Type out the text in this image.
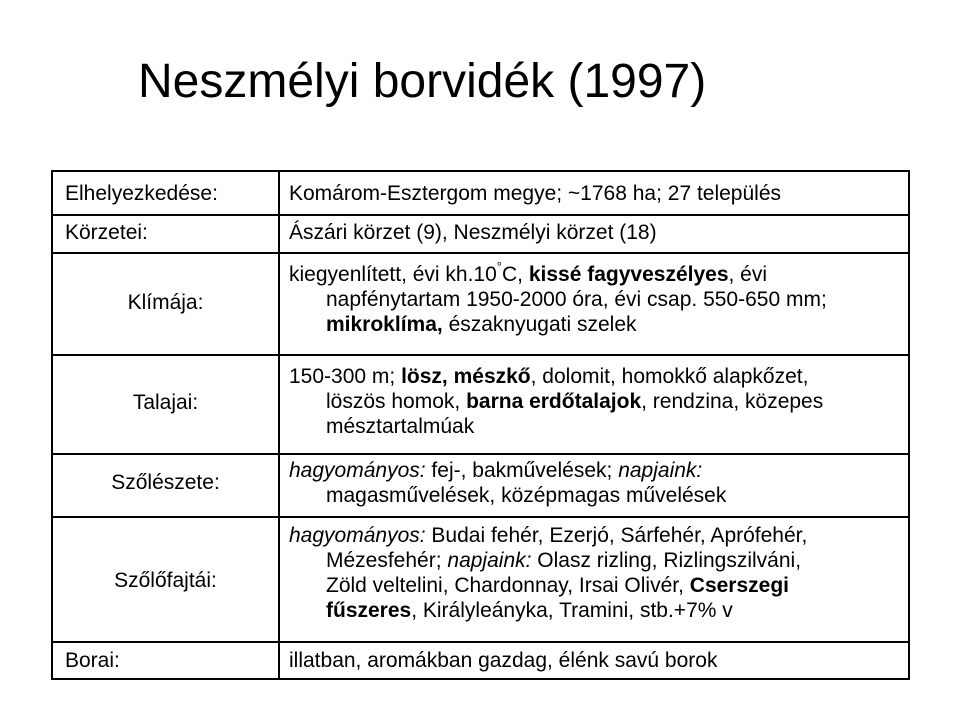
Neszmélyi borvidék (1997)
Elhelyezkedése:	Komárom-Esztergom megye; ~1768 ha; 27 település
Körzetei:	Ászári körzet (9), Neszmélyi körzet (18)
Klímája:
kiegyenlített, évi kh.10°C, kissé fagyveszélyes, évi
napfénytartam 1950-2000 óra, évi csap. 550-650 mm;
mikroklíma, északnyugati szelek
Talajai:
150-300 m; lösz, mészkő, dolomit, homokkő alapkőzet,
löszös homok, barna erdőtalajok, rendzina, közepes
mésztartalmúak
Szőlészete:
hagyományos: fej-, bakművelések; napjaink:
magasművelések, középmagas művelések
Szőlőfajtái:
hagyományos: Budai fehér, Ezerjó, Sárfehér, Aprófehér,
Mézesfehér; napjaink: Olasz rizling, Rizlingszilváni,
Zöld veltelini, Chardonnay, Irsai Olivér, Cserszegi
fűszeres, Királyleányka, Tramini, stb.+7% v
Borai:	illatban, aromákban gazdag, élénk savú borok
